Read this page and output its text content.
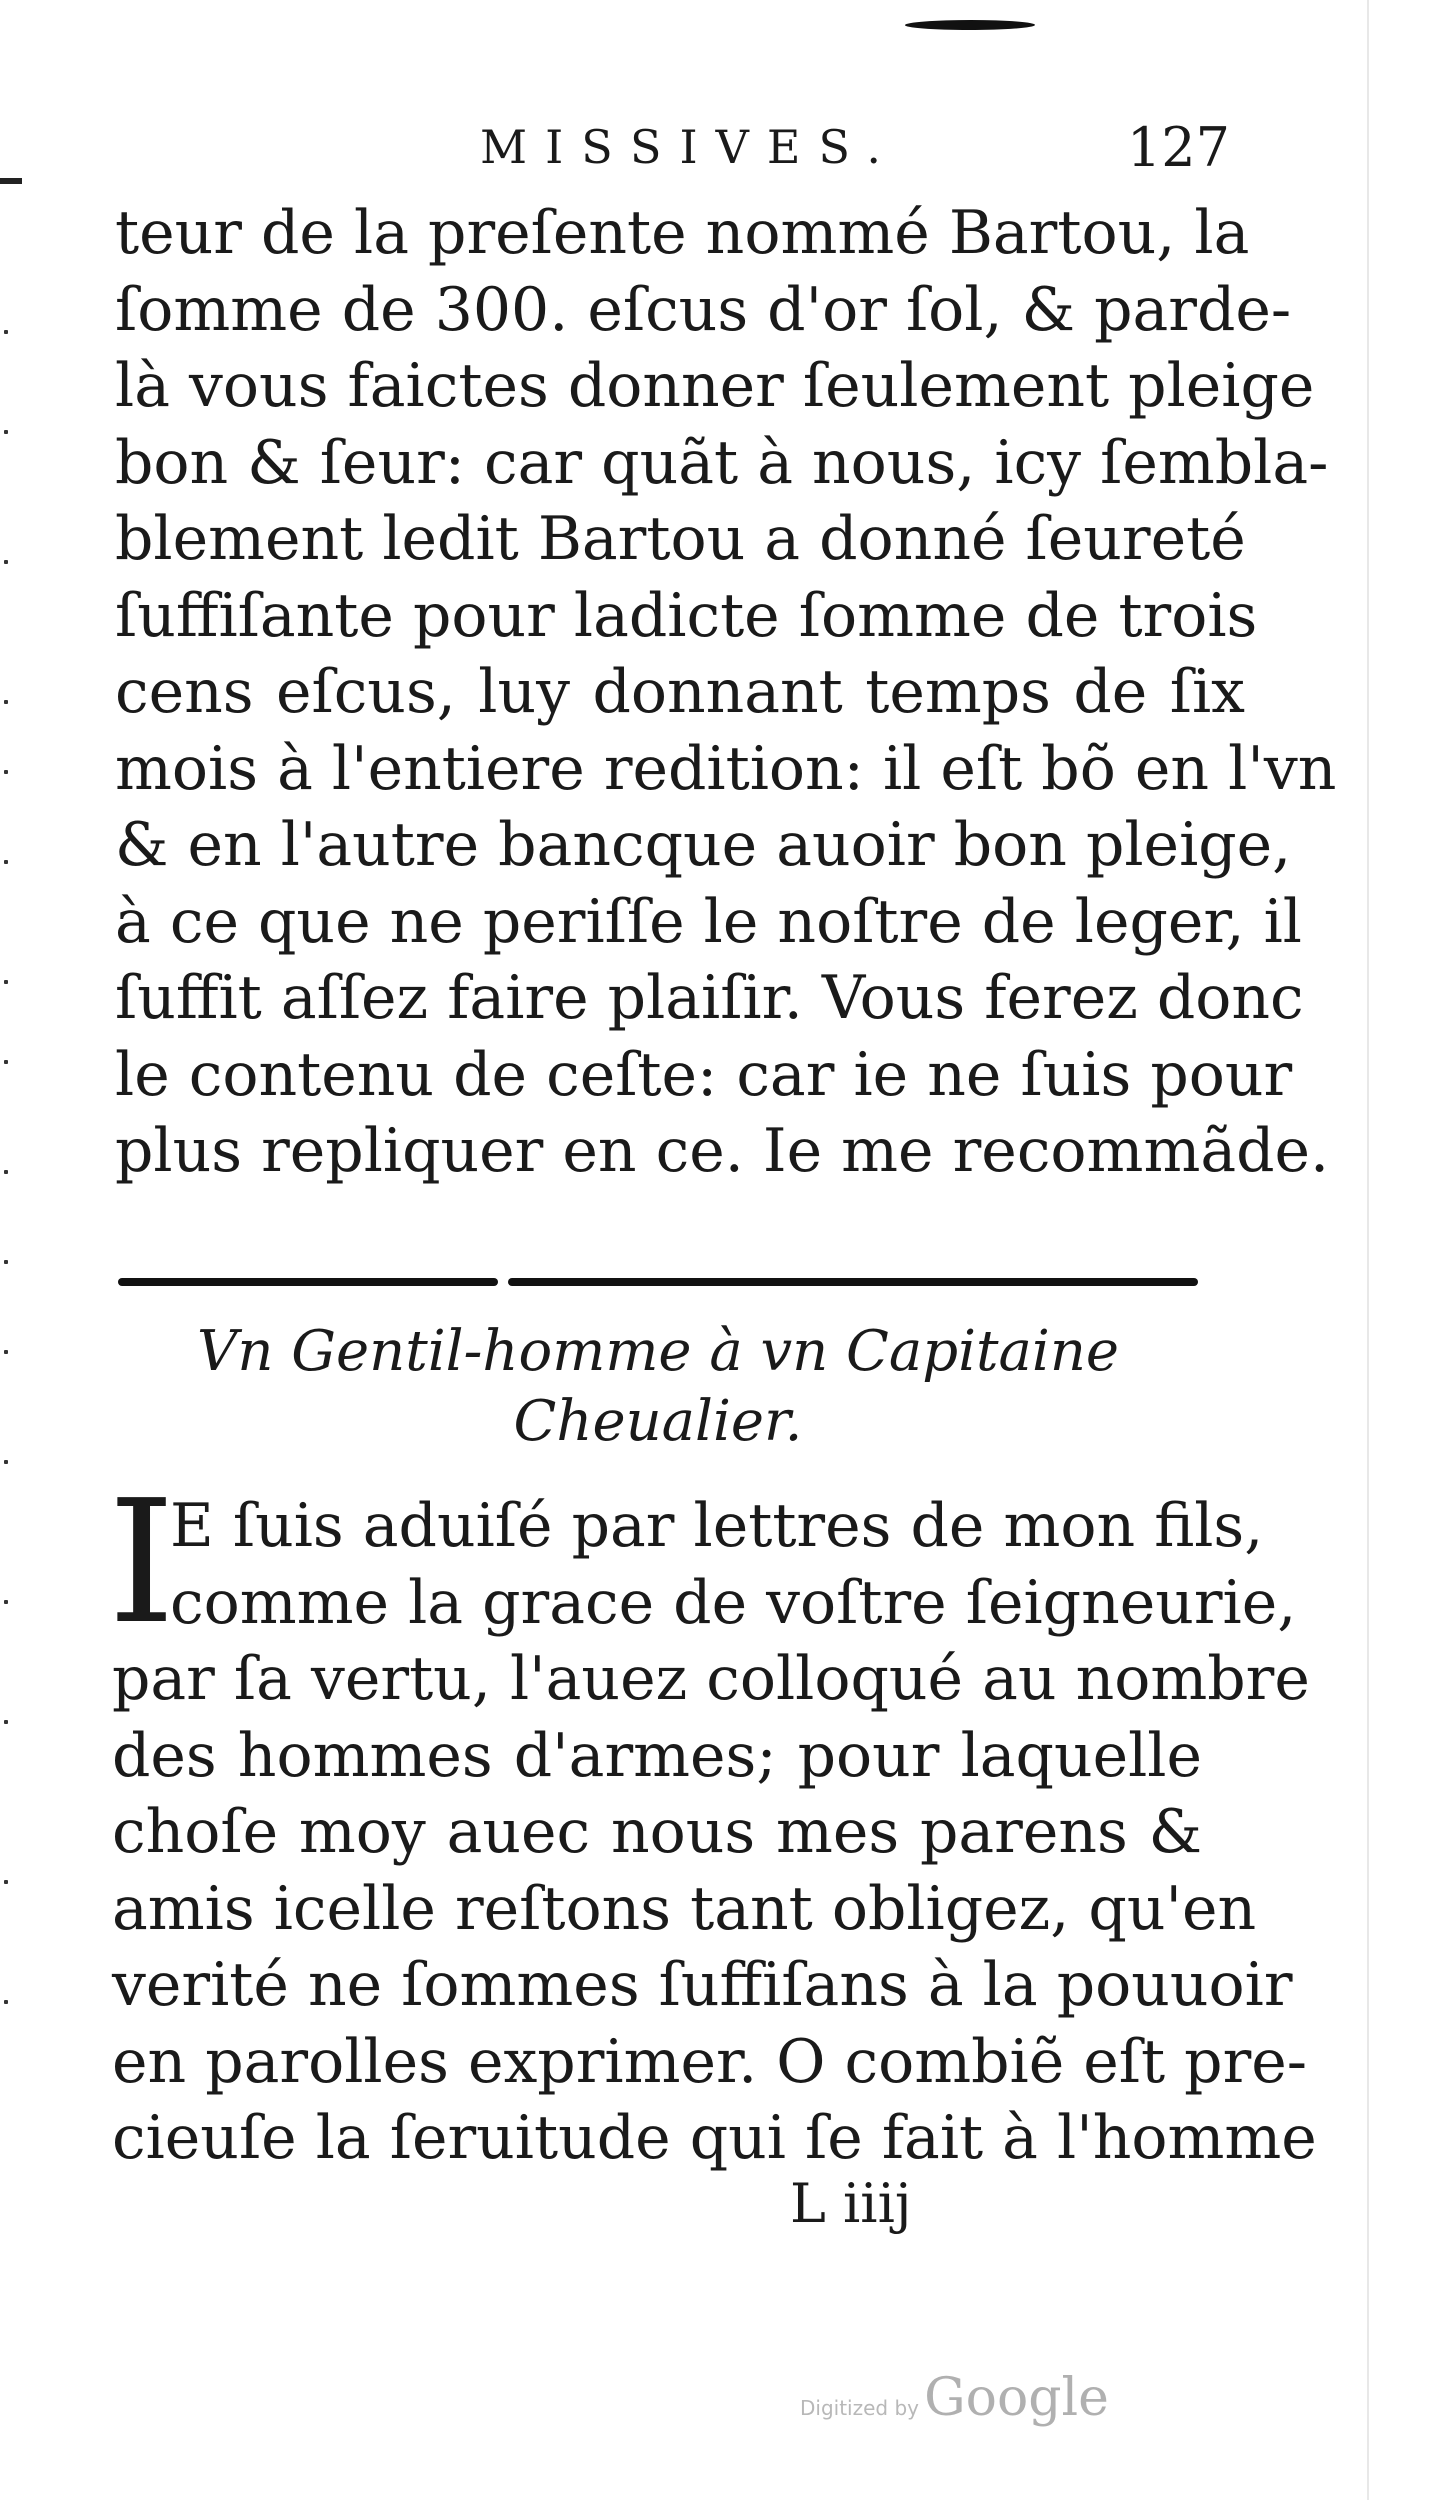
MISSIVES.	127
teur de la preſente nommé Bartou, la
ſomme de 300. eſcus d'or ſol, & parde-
là vous faictes donner ſeulement pleige
bon & ſeur: car quãt à nous, icy ſembla-
blement ledit Bartou a donné ſeureté
ſuffiſante pour ladicte ſomme de trois
cens eſcus, luy donnant temps de ſix
mois à l'entiere redition: il eſt bõ en l'vn
& en l'autre bancque auoir bon pleige,
à ce que ne periſſe le noſtre de leger, il
ſuffit aſſez faire plaiſir. Vous ferez donc
le contenu de ceſte: car ie ne ſuis pour
plus repliquer en ce. Ie me recommãde.
Vn Gentil-homme à vn Capitaine
Cheualier.
I
E ſuis aduiſé par lettres de mon fils,
comme la grace de voſtre ſeigneurie,
par ſa vertu, l'auez colloqué au nombre
des hommes d'armes; pour laquelle
choſe moy auec nous mes parens &
amis icelle reſtons tant obligez, qu'en
verité ne ſommes ſuffiſans à la pouuoir
en parolles exprimer. O combiẽ eſt pre-
cieuſe la ſeruitude qui ſe fait à l'homme
L iiij
Digitized by Google
